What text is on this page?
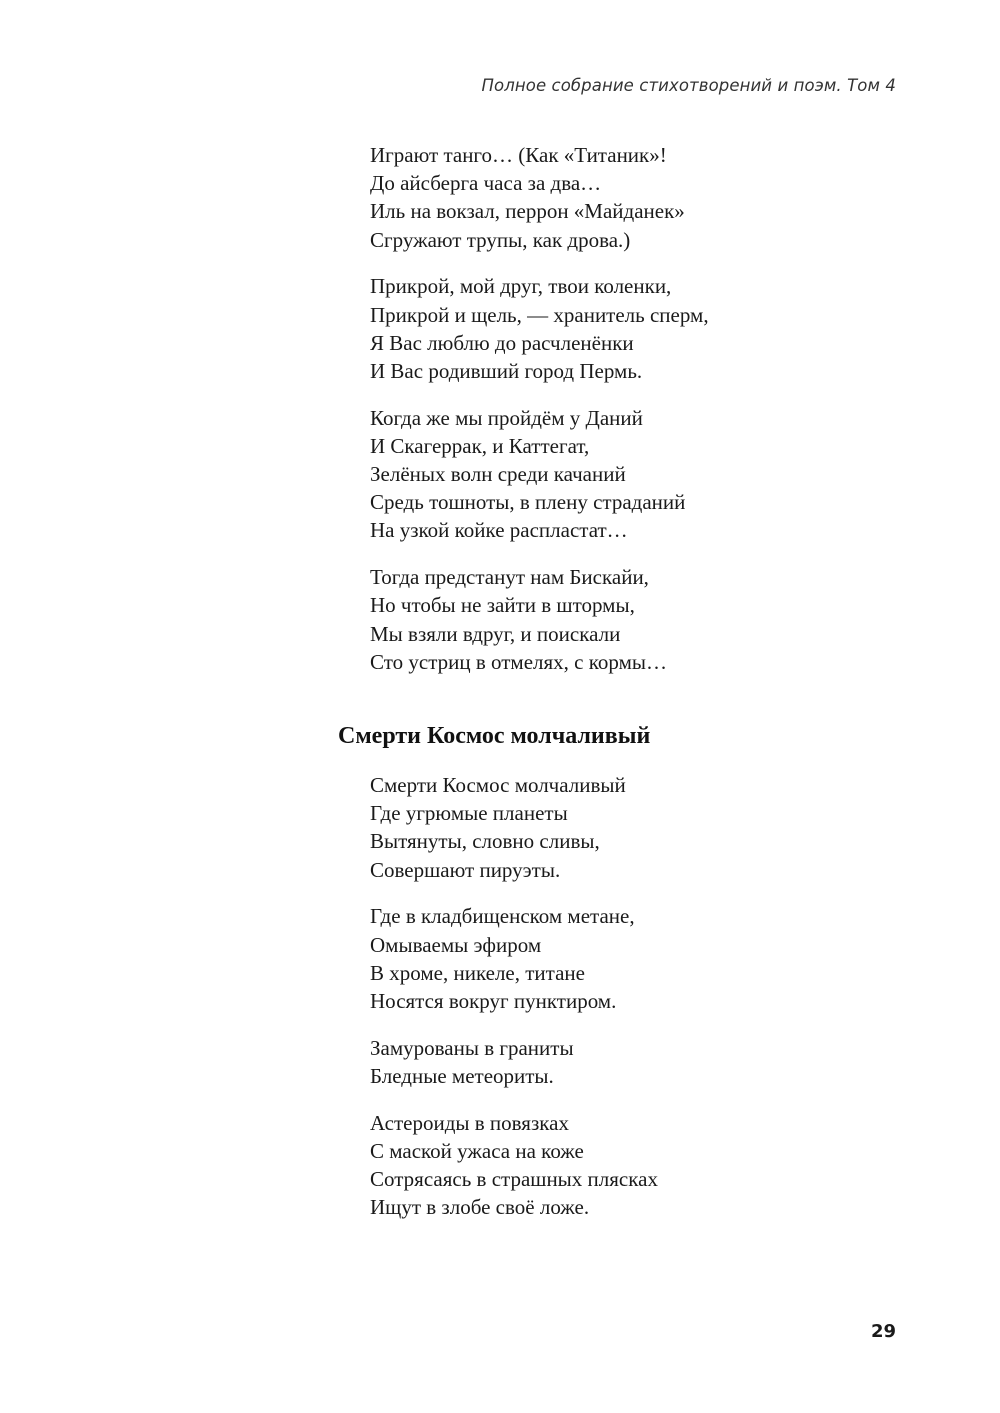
Полное собрание стихотворений и поэм. Том 4
Играют танго… (Как «Титаник»!
До айсберга часа за два…
Иль на вокзал, перрон «Майданек»
Сгружают трупы, как дрова.)
Прикрой, мой друг, твои коленки,
Прикрой и щель, — хранитель сперм,
Я Вас люблю до расчленёнки
И Вас родивший город Пермь.
Когда же мы пройдём у Даний
И Скагеррак, и Каттегат,
Зелёных волн среди качаний
Средь тошноты, в плену страданий
На узкой койке распластат…
Тогда предстанут нам Бискайи,
Но чтобы не зайти в штормы,
Мы взяли вдруг, и поискали
Сто устриц в отмелях, с кормы…
Смерти Космос молчаливый
Смерти Космос молчаливый
Где угрюмые планеты
Вытянуты, словно сливы,
Совершают пируэты.
Где в кладбищенском метане,
Омываемы эфиром
В хроме, никеле, титане
Носятся вокруг пунктиром.
Замурованы в граниты
Бледные метеориты.
Астероиды в повязках
С маской ужаса на коже
Сотрясаясь в страшных плясках
Ищут в злобе своё ложе.
29
